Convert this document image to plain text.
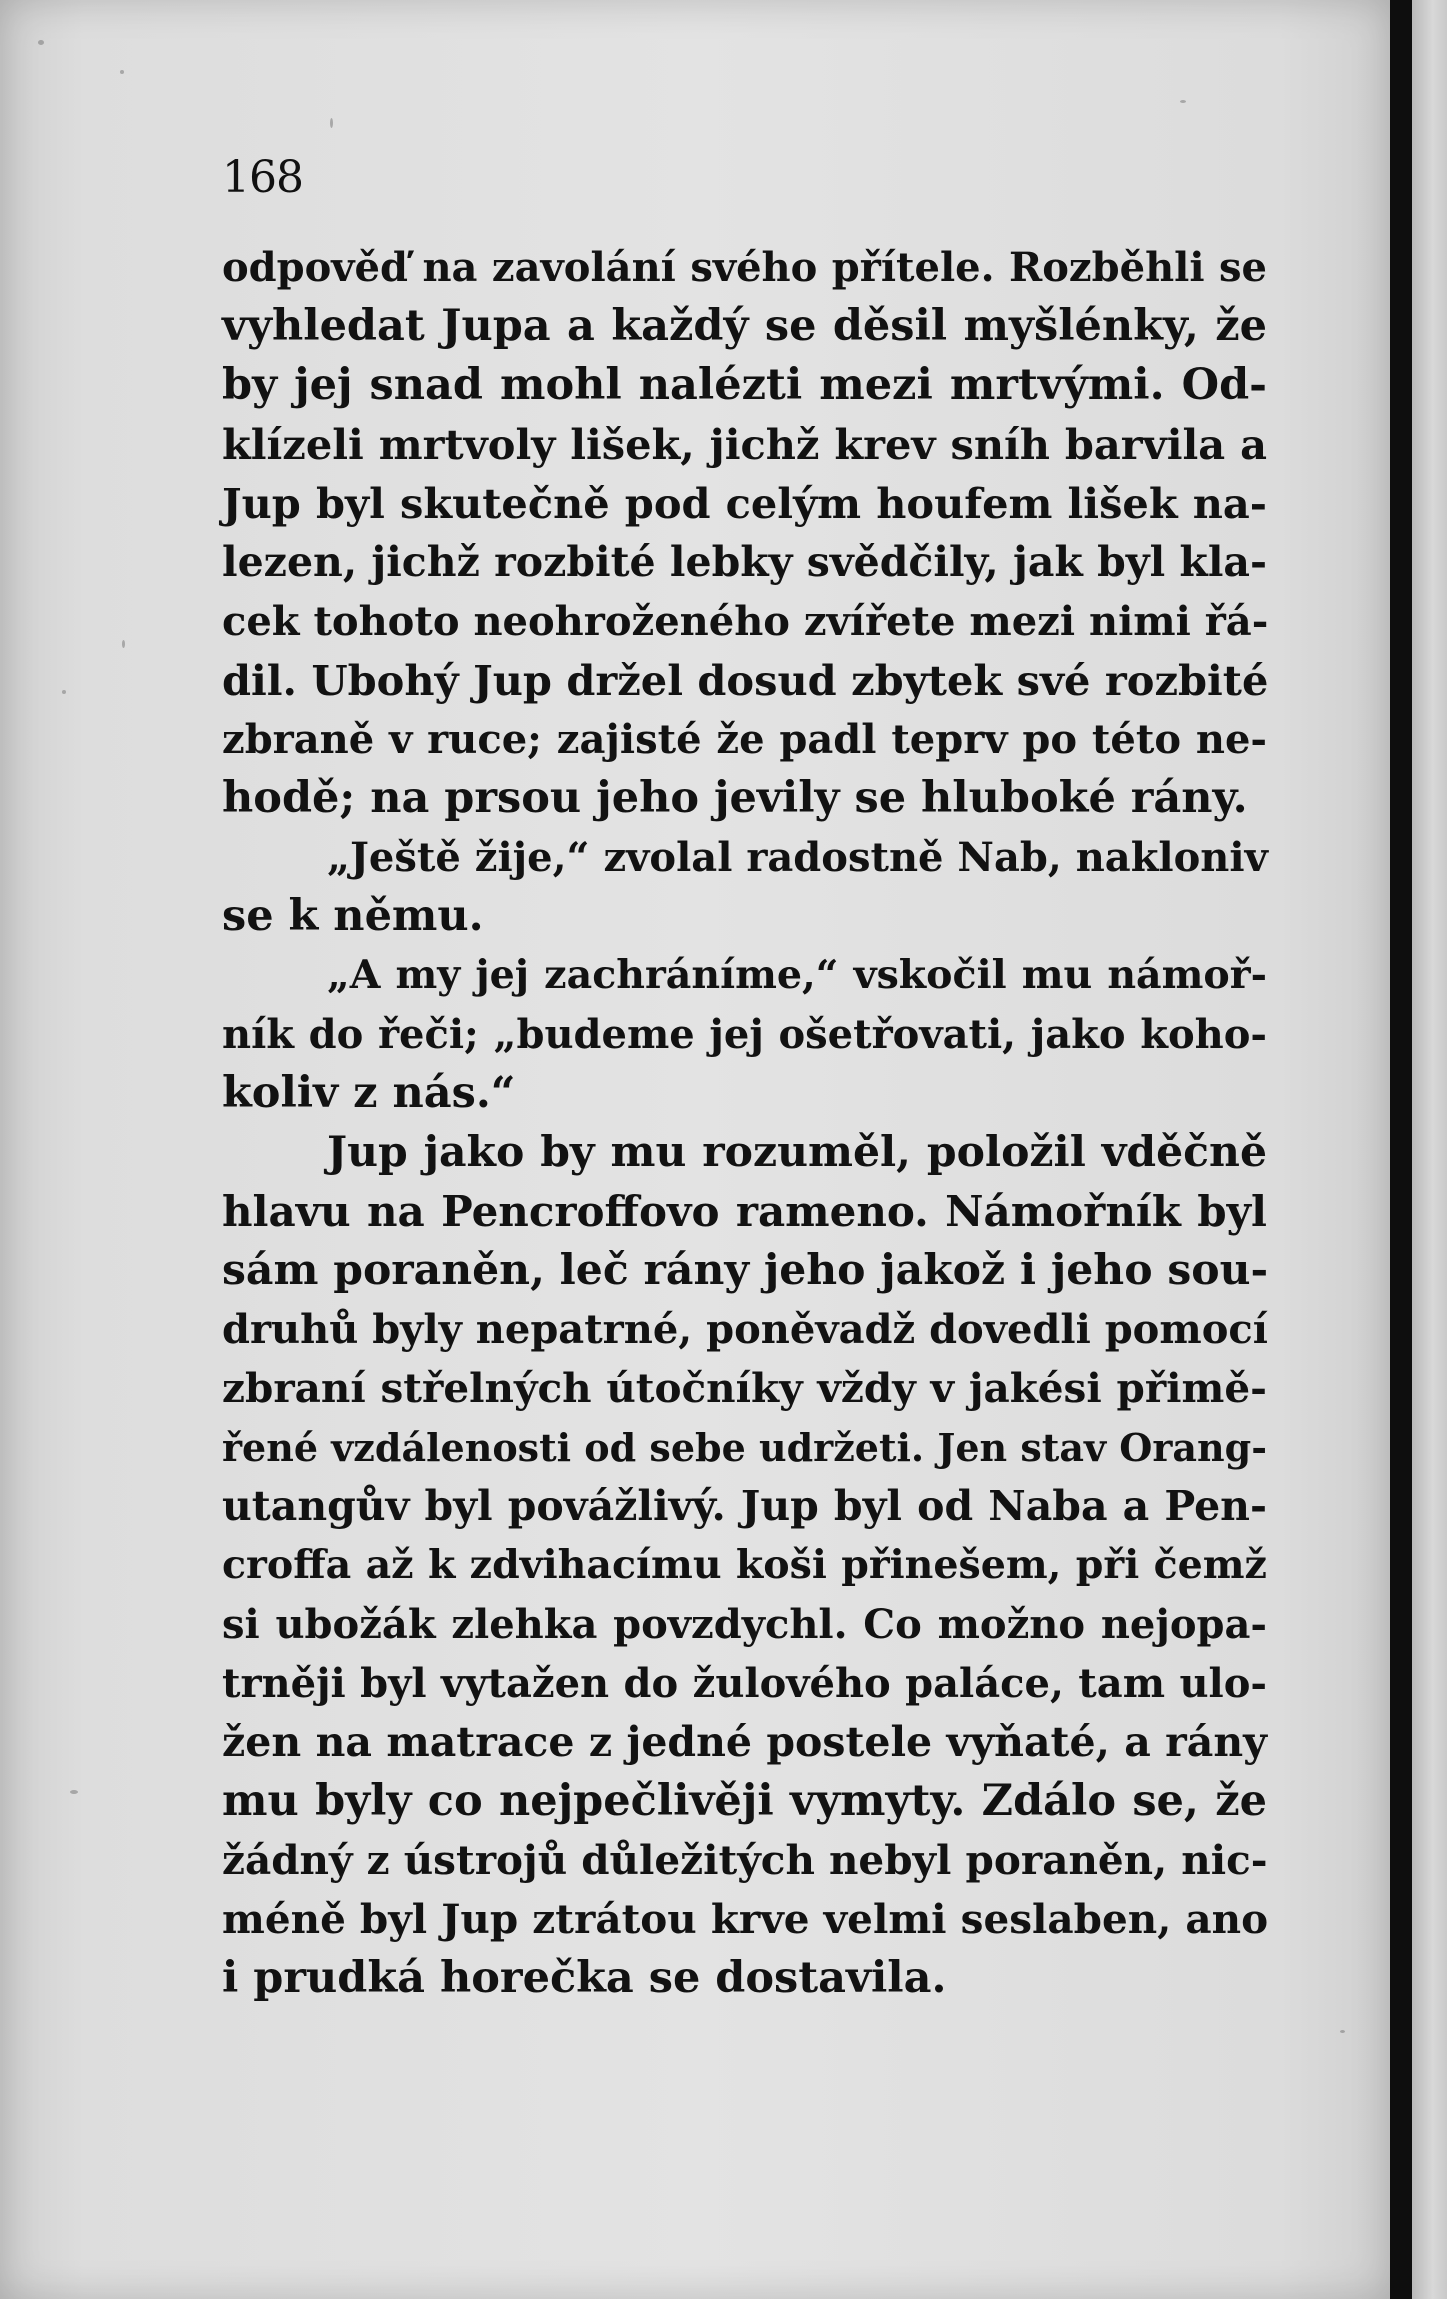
168
odpověď na zavolání svého přítele. Rozběhli se
vyhledat Jupa a každý se děsil myšlénky, že
by jej snad mohl nalézti mezi mrtvými. Od-
klízeli mrtvoly lišek, jichž krev sníh barvila a
Jup byl skutečně pod celým houfem lišek na-
lezen, jichž rozbité lebky svědčily, jak byl kla-
cek tohoto neohroženého zvířete mezi nimi řá-
dil. Ubohý Jup držel dosud zbytek své rozbité
zbraně v ruce; zajisté že padl teprv po této ne-
hodě; na prsou jeho jevily se hluboké rány.
„Ještě žije,“ zvolal radostně Nab, nakloniv
se k němu.
„A my jej zachráníme,“ vskočil mu námoř-
ník do řeči; „budeme jej ošetřovati, jako koho-
koliv z nás.“
Jup jako by mu rozuměl, položil vděčně
hlavu na Pencroffovo rameno. Námořník byl
sám poraněn, leč rány jeho jakož i jeho sou-
druhů byly nepatrné, poněvadž dovedli pomocí
zbraní střelných útočníky vždy v jakési přimě-
řené vzdálenosti od sebe udržeti. Jen stav Orang-
utangův byl povážlivý. Jup byl od Naba a Pen-
croffa až k zdvihacímu koši přinešem, při čemž
si ubožák zlehka povzdychl. Co možno nejopa-
trněji byl vytažen do žulového paláce, tam ulo-
žen na matrace z jedné postele vyňaté, a rány
mu byly co nejpečlivěji vymyty. Zdálo se, že
žádný z ústrojů důležitých nebyl poraněn, nic-
méně byl Jup ztrátou krve velmi seslaben, ano
i prudká horečka se dostavila.
